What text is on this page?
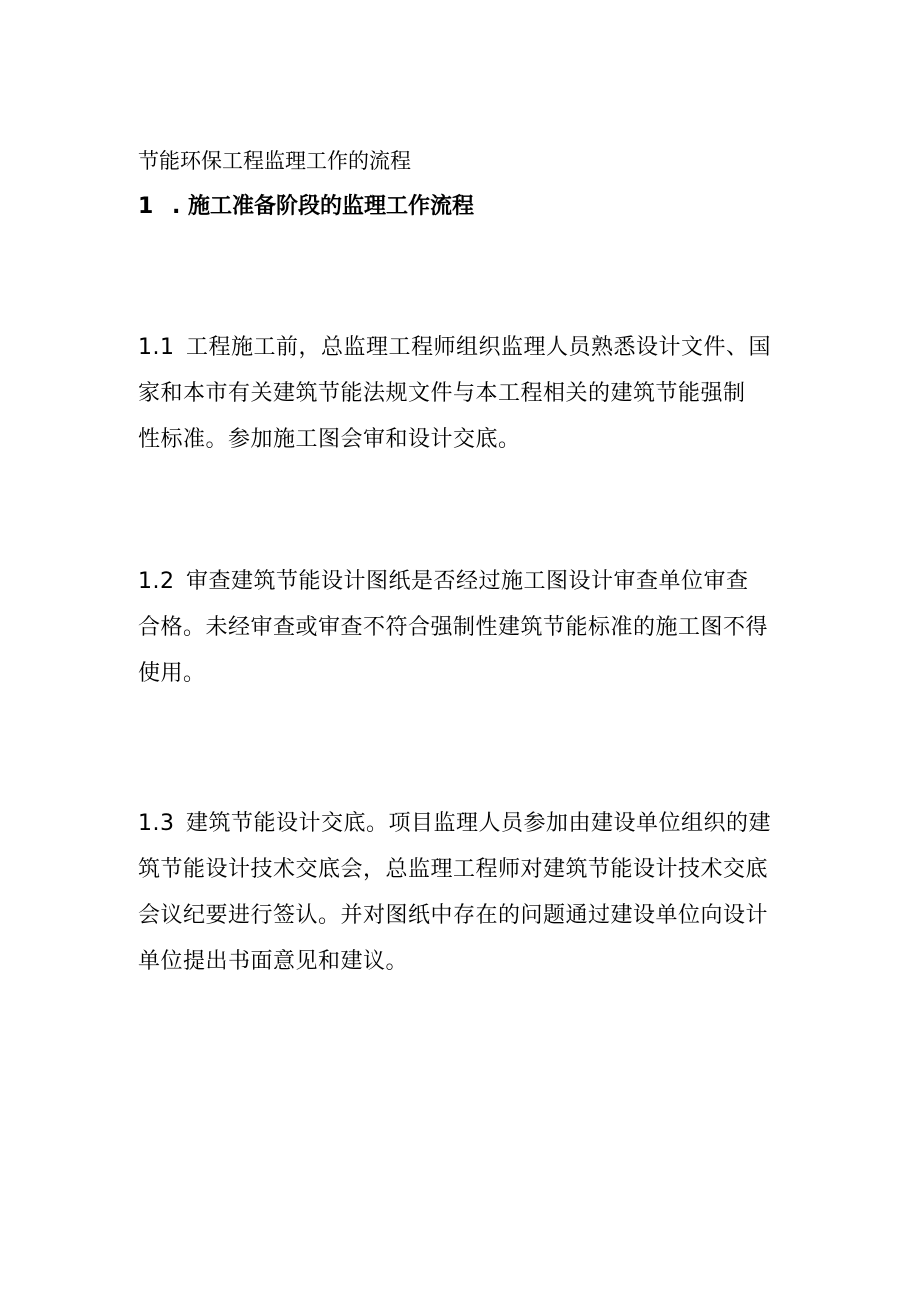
节能环保工程监理工作的流程
1 . 施工准备阶段的监理工作流程
1.1 工程施工前，总监理工程师组织监理人员熟悉设计文件、国
家和本市有关建筑节能法规文件与本工程相关的建筑节能强制
性标准。参加施工图会审和设计交底。
1.2 审查建筑节能设计图纸是否经过施工图设计审查单位审查
合格。未经审查或审查不符合强制性建筑节能标准的施工图不得
使用。
1.3 建筑节能设计交底。项目监理人员参加由建设单位组织的建
筑节能设计技术交底会，总监理工程师对建筑节能设计技术交底
会议纪要进行签认。并对图纸中存在的问题通过建设单位向设计
单位提出书面意见和建议。
